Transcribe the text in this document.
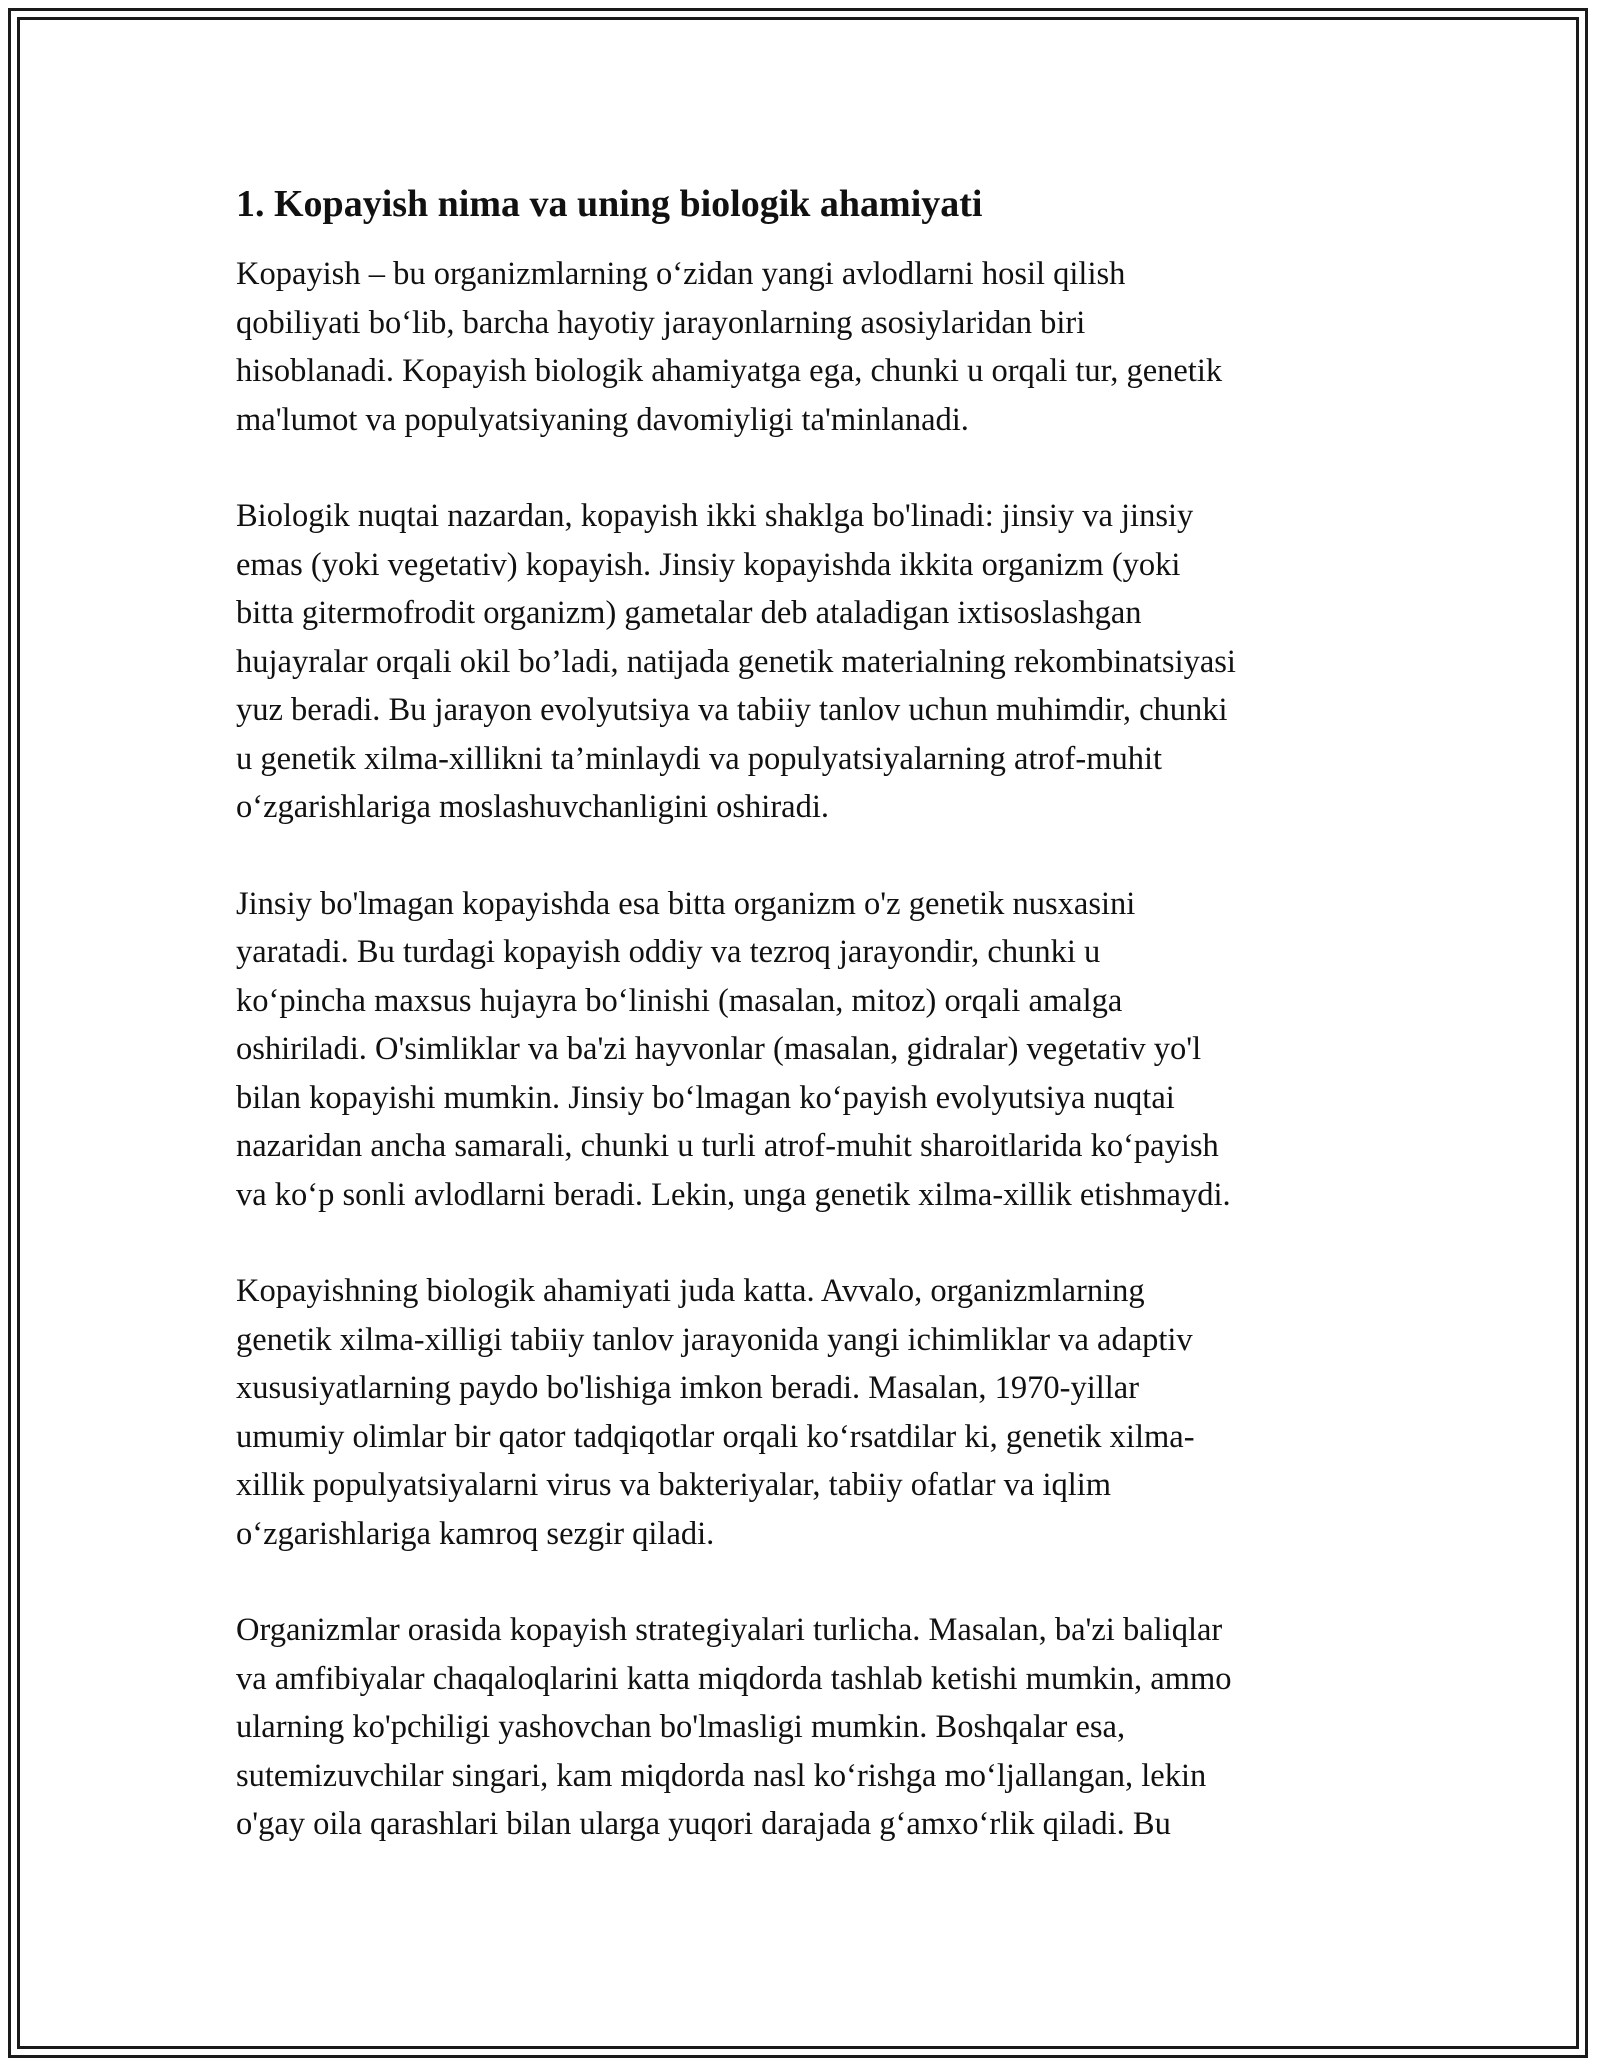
1. Kopayish nima va uning biologik ahamiyati

Kopayish – bu organizmlarning o‘zidan yangi avlodlarni hosil qilish
qobiliyati bo‘lib, barcha hayotiy jarayonlarning asosiylaridan biri
hisoblanadi. Kopayish biologik ahamiyatga ega, chunki u orqali tur, genetik
ma'lumot va populyatsiyaning davomiyligi ta'minlanadi.

Biologik nuqtai nazardan, kopayish ikki shaklga bo'linadi: jinsiy va jinsiy
emas (yoki vegetativ) kopayish. Jinsiy kopayishda ikkita organizm (yoki
bitta gitermofrodit organizm) gametalar deb ataladigan ixtisoslashgan
hujayralar orqali okil bo’ladi, natijada genetik materialning rekombinatsiyasi
yuz beradi. Bu jarayon evolyutsiya va tabiiy tanlov uchun muhimdir, chunki
u genetik xilma-xillikni ta’minlaydi va populyatsiyalarning atrof-muhit
o‘zgarishlariga moslashuvchanligini oshiradi.

Jinsiy bo'lmagan kopayishda esa bitta organizm o'z genetik nusxasini
yaratadi. Bu turdagi kopayish oddiy va tezroq jarayondir, chunki u
ko‘pincha maxsus hujayra bo‘linishi (masalan, mitoz) orqali amalga
oshiriladi. O'simliklar va ba'zi hayvonlar (masalan, gidralar) vegetativ yo'l
bilan kopayishi mumkin. Jinsiy bo‘lmagan ko‘payish evolyutsiya nuqtai
nazaridan ancha samarali, chunki u turli atrof-muhit sharoitlarida ko‘payish
va ko‘p sonli avlodlarni beradi. Lekin, unga genetik xilma-xillik etishmaydi.

Kopayishning biologik ahamiyati juda katta. Avvalo, organizmlarning
genetik xilma-xilligi tabiiy tanlov jarayonida yangi ichimliklar va adaptiv
xususiyatlarning paydo bo'lishiga imkon beradi. Masalan, 1970-yillar
umumiy olimlar bir qator tadqiqotlar orqali ko‘rsatdilar ki, genetik xilma-
xillik populyatsiyalarni virus va bakteriyalar, tabiiy ofatlar va iqlim
o‘zgarishlariga kamroq sezgir qiladi.

Organizmlar orasida kopayish strategiyalari turlicha. Masalan, ba'zi baliqlar
va amfibiyalar chaqaloqlarini katta miqdorda tashlab ketishi mumkin, ammo
ularning ko'pchiligi yashovchan bo'lmasligi mumkin. Boshqalar esa,
sutemizuvchilar singari, kam miqdorda nasl ko‘rishga mo‘ljallangan, lekin
o'gay oila qarashlari bilan ularga yuqori darajada g‘amxo‘rlik qiladi. Bu
